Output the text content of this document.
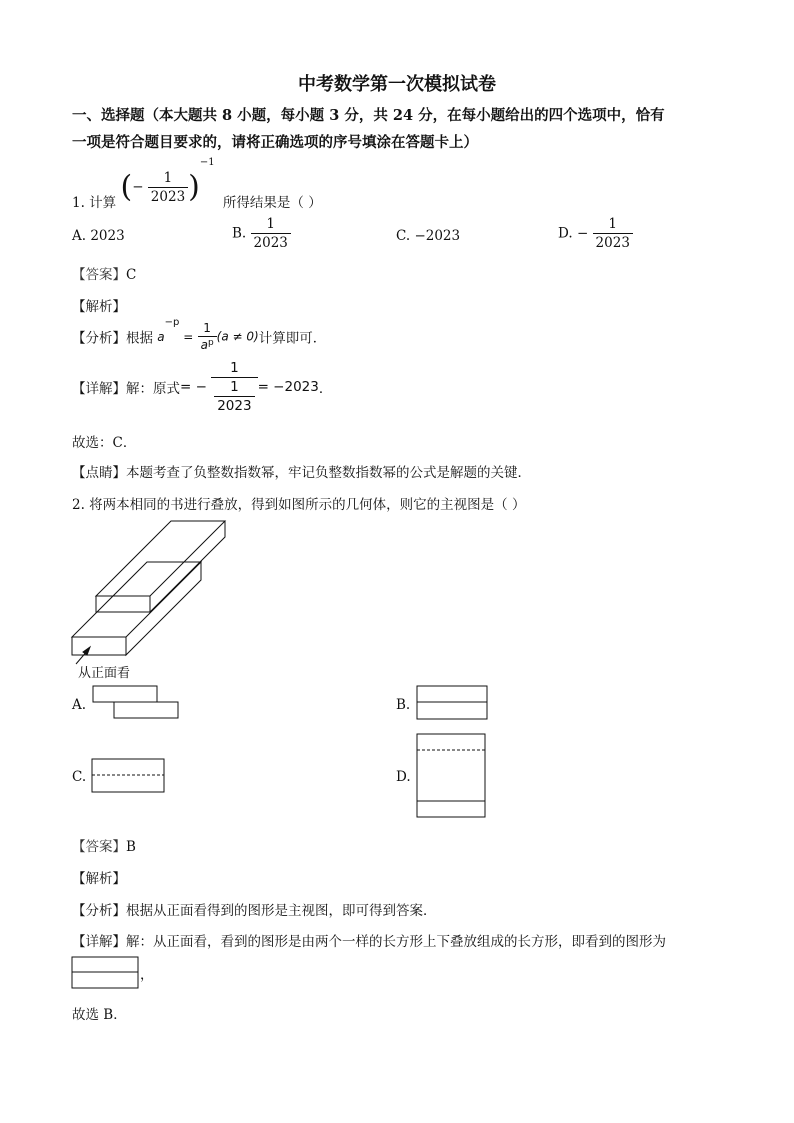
中考数学第一次模拟试卷
一、选择题（本大题共 8 小题，每小题 3 分，共 24 分，在每小题给出的四个选项中，恰有
一项是符合题目要求的，请将正确选项的序号填涂在答题卡上）
1. 计算 (− $\frac{1}{2023} )^{-1}$ 所得结果是（ ）
A. 2023	B. $\frac{1}{2023}$	C. −2023	D. − $\frac{1}{2023}$
【答案】C
【解析】
【分析】根据 $a^{-p} = \frac{1}{a^p} (a \ne 0)$计算即可．
【详解】解：原式= − $\frac{1}{\frac{1}{2023}} = -2023$．
故选：C．
【点睛】本题考查了负整数指数幂，牢记负整数指数幂的公式是解题的关键．
2. 将两本相同的书进行叠放，得到如图所示的几何体，则它的主视图是（ ）
从正面看
A.	B.
C.	D.
【答案】B
【解析】
【分析】根据从正面看得到的图形是主视图，即可得到答案．
【详解】解：从正面看，看到的图形是由两个一样的长方形上下叠放组成的长方形，即看到的图形为
，
故选 B．
